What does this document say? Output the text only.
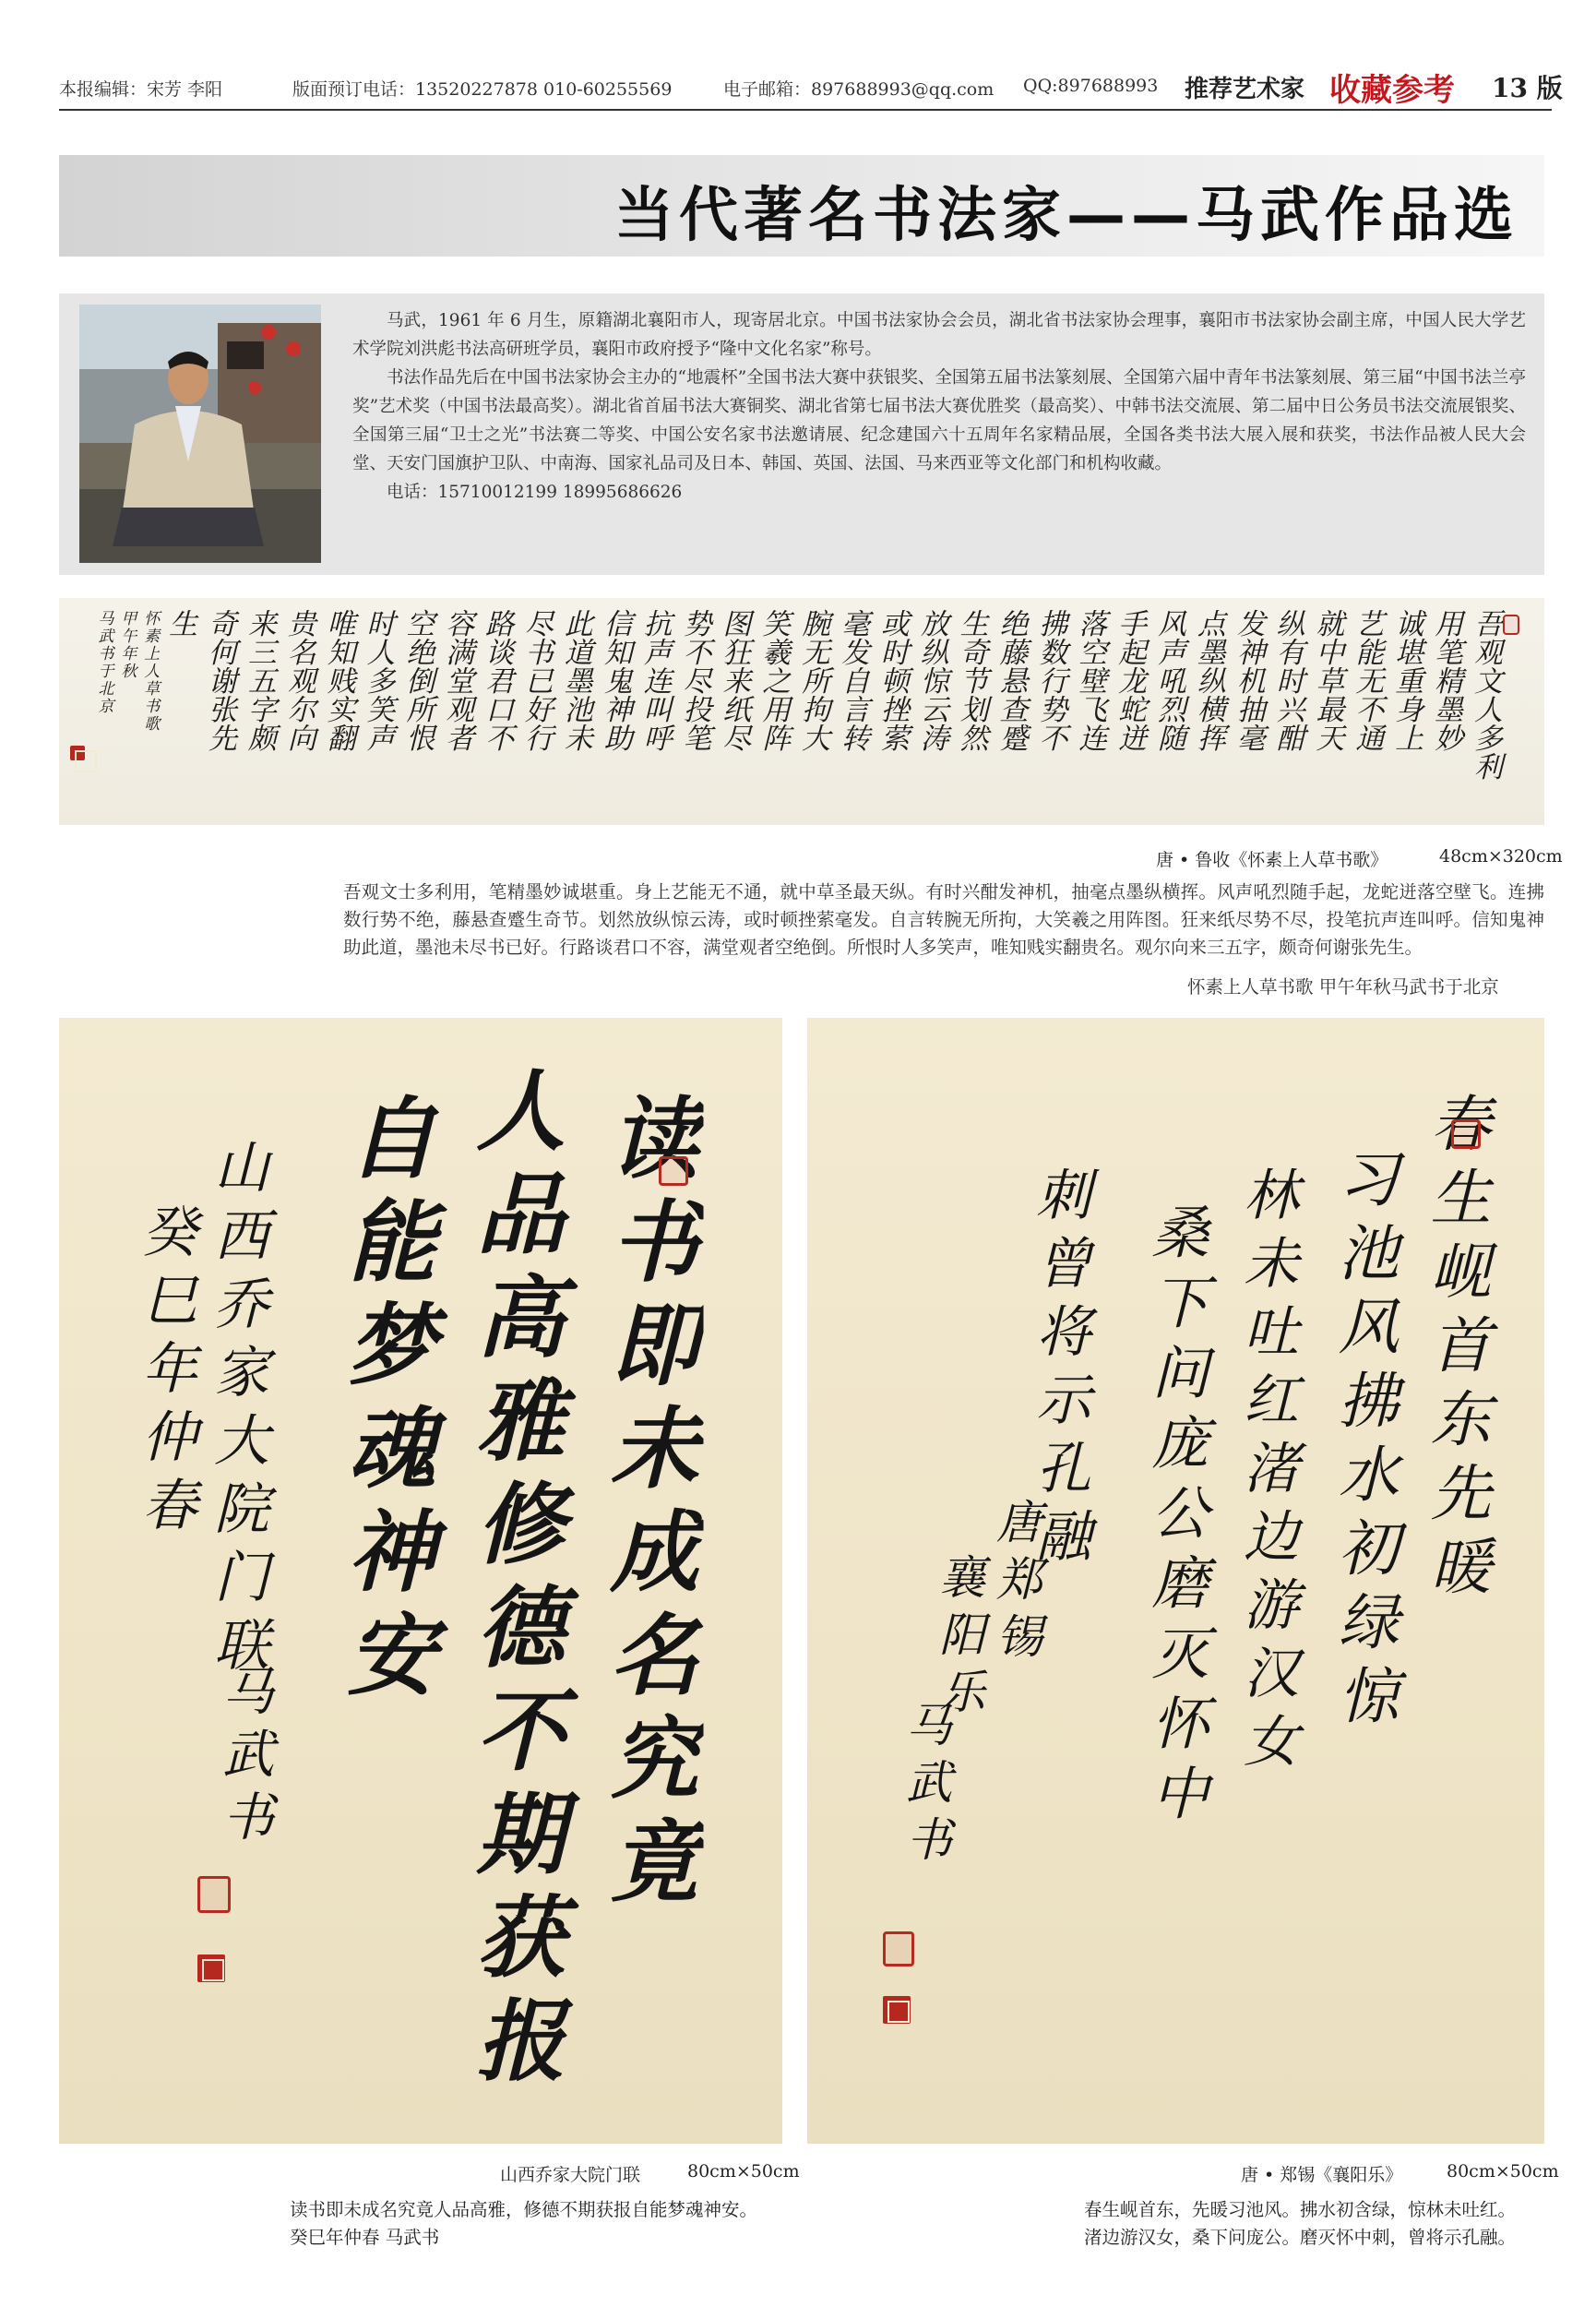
本报编辑：宋芳 李阳	版面预订电话：13520227878 010-60255569	电子邮箱：897688993@qq.com QQ:897688993 推荐艺术家 收藏参考 13 版
当代著名书法家——马武作品选

马武，1961 年 6 月生，原籍湖北襄阳市人，现寄居北京。中国书法家协会会员，湖北省书法家协会理事，襄阳市书法家协会副主席，中国人民大学艺术学院刘洪彪书法高研班学员，襄阳市政府授予“隆中文化名家”称号。

书法作品先后在中国书法家协会主办的“地震杯”全国书法大赛中获银奖、全国第五届书法篆刻展、全国第六届中青年书法篆刻展、第三届“中国书法兰亭奖”艺术奖（中国书法最高奖）。湖北省首届书法大赛铜奖、湖北省第七届书法大赛优胜奖（最高奖）、中韩书法交流展、第二届中日公务员书法交流展银奖、全国第三届“卫士之光”书法赛二等奖、中国公安名家书法邀请展、纪念建国六十五周年名家精品展，全国各类书法大展入展和获奖，书法作品被人民大会堂、天安门国旗护卫队、中南海、国家礼品司及日本、韩国、英国、法国、马来西亚等文化部门和机构收藏。

电话：15710012199 18995686626

吾观文人多利
用笔精墨妙
诚堪重身上
艺能无不通
就中草最天
纵有时兴酣
发神机抽毫
点墨纵横挥
风声吼烈随
手起龙蛇迸
落空壁飞连
拂数行势不
绝藤悬查蹙
生奇节划然
放纵惊云涛
或时顿挫萦
毫发自言转
腕无所拘大
笑羲之用阵
图狂来纸尽
势不尽投笔
抗声连叫呼
信知鬼神助
此道墨池未
尽书已好行
路谈君口不
容满堂观者
空绝倒所恨
时人多笑声
唯知贱实翻
贵名观尔向
来三五字颇
奇何谢张先
生
怀素上人草书歌
甲午年秋
马武书于北京
唐 • 鲁收《怀素上人草书歌》	48cm×320cm
吾观文士多利用，笔精墨妙诚堪重。身上艺能无不通，就中草圣最天纵。有时兴酣发神机，抽毫点墨纵横挥。风声吼烈随手起，龙蛇迸落空壁飞。连拂数行势不绝，藤悬查蹙生奇节。划然放纵惊云涛，或时顿挫萦毫发。自言转腕无所拘，大笑羲之用阵图。狂来纸尽势不尽，投笔抗声连叫呼。信知鬼神助此道，墨池未尽书已好。行路谈君口不容，满堂观者空绝倒。所恨时人多笑声，唯知贱实翻贵名。观尔向来三五字，颇奇何谢张先生。
怀素上人草书歌 甲午年秋马武书于北京
读书即未成名究竟
人品高雅修德不期获报
自能梦魂神安
山西乔家大院门联
癸巳年仲春
马武书
山西乔家大院门联	80cm×50cm
读书即未成名究竟人品高雅，修德不期获报自能梦魂神安。
癸巳年仲春 马武书
春生岘首东先暖
习池风拂水初绿惊
林未吐红渚边游汉女
桑下问庞公磨灭怀中
刺曾将示孔融
唐郑锡
襄阳乐
马武书
唐 • 郑锡《襄阳乐》	80cm×50cm
春生岘首东，先暖习池风。拂水初含绿，惊林未吐红。
渚边游汉女，桑下问庞公。磨灭怀中刺，曾将示孔融。
